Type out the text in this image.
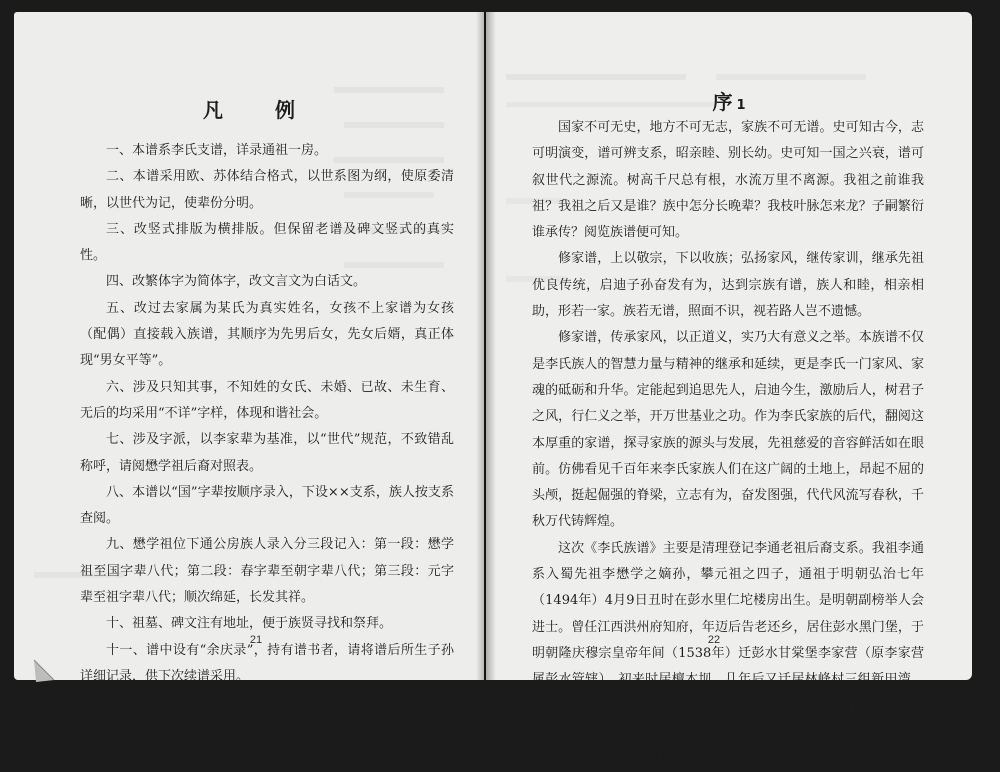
凡　例

一、本谱系李氏支谱，详录通祖一房。

二、本谱采用欧、苏体结合格式，以世系图为纲，使原委清晰，以世代为记，使辈份分明。

三、改竖式排版为横排版。但保留老谱及碑文竖式的真实性。

四、改繁体字为简体字，改文言文为白话文。

五、改过去家属为某氏为真实姓名，女孩不上家谱为女孩（配偶）直接载入族谱，其顺序为先男后女，先女后婿，真正体现“男女平等”。

六、涉及只知其事，不知姓的女氏、未婚、已故、未生育、无后的均采用“不详”字样，体现和谐社会。

七、涉及字派，以李家辈为基准，以“世代”规范，不致错乱称呼，请阅懋学祖后裔对照表。

八、本谱以“国”字辈按顺序录入，下设××支系，族人按支系查阅。

九、懋学祖位下通公房族人录入分三段记入：第一段：懋学祖至国字辈八代；第二段：春字辈至朝字辈八代；第三段：元字辈至祖字辈八代；顺次绵延，长发其祥。

十、祖墓、碑文注有地址，便于族贤寻找和祭拜。

十一、谱中设有“余庆录”，持有谱书者，请将谱后所生子孙详细记录，供下次续谱采用。

21
序 1

国家不可无史，地方不可无志，家族不可无谱。史可知古今，志可明演变，谱可辨支系，昭亲睦、别长幼。史可知一国之兴衰，谱可叙世代之源流。树高千尺总有根，水流万里不离源。我祖之前谁我祖？我祖之后又是谁？族中怎分长晚辈？我枝叶脉怎来龙？子嗣繁衍谁承传？阅览族谱便可知。

修家谱，上以敬宗，下以收族；弘扬家风，继传家训，继承先祖优良传统，启迪子孙奋发有为，达到宗族有谱，族人和睦，相亲相助，形若一家。族若无谱，照面不识，视若路人岂不遗憾。

修家谱，传承家风，以正道义，实乃大有意义之举。本族谱不仅是李氏族人的智慧力量与精神的继承和延续，更是李氏一门家风、家魂的砥砺和升华。定能起到追思先人，启迪今生，激励后人，树君子之风，行仁义之举，开万世基业之功。作为李氏家族的后代，翻阅这本厚重的家谱，探寻家族的源头与发展，先祖慈爱的音容鲜活如在眼前。仿佛看见千百年来李氏家族人们在这广阔的土地上，昂起不屈的头颅，挺起倔强的脊梁，立志有为，奋发图强，代代风流写春秋，千秋万代铸辉煌。

这次《李氏族谱》主要是清理登记李通老祖后裔支系。我祖李通系入蜀先祖李懋学之嫡孙，攀元祖之四子，通祖于明朝弘治七年（1494年）4月9日丑时在彭水里仁坨楼房出生。是明朝副榜举人会进士。曾任江西洪州府知府，年迈后告老还乡，居住彭水黑门堡，于明朝隆庆穆宗皇帝年间（1538年）迁彭水甘棠堡李家营（原李家营属彭水管辖），初来时居檀木坝，几年后又迁居林峰村三组新田湾，现属重庆市黔江区杉岭乡，通祖卒于明朝万历十二年（1584年）12月8日，享年90岁，葬于林峰村三组新田湾，小地名大塆祖坟凼。地形曰“金星吐乳”立壬山丙向。

22
